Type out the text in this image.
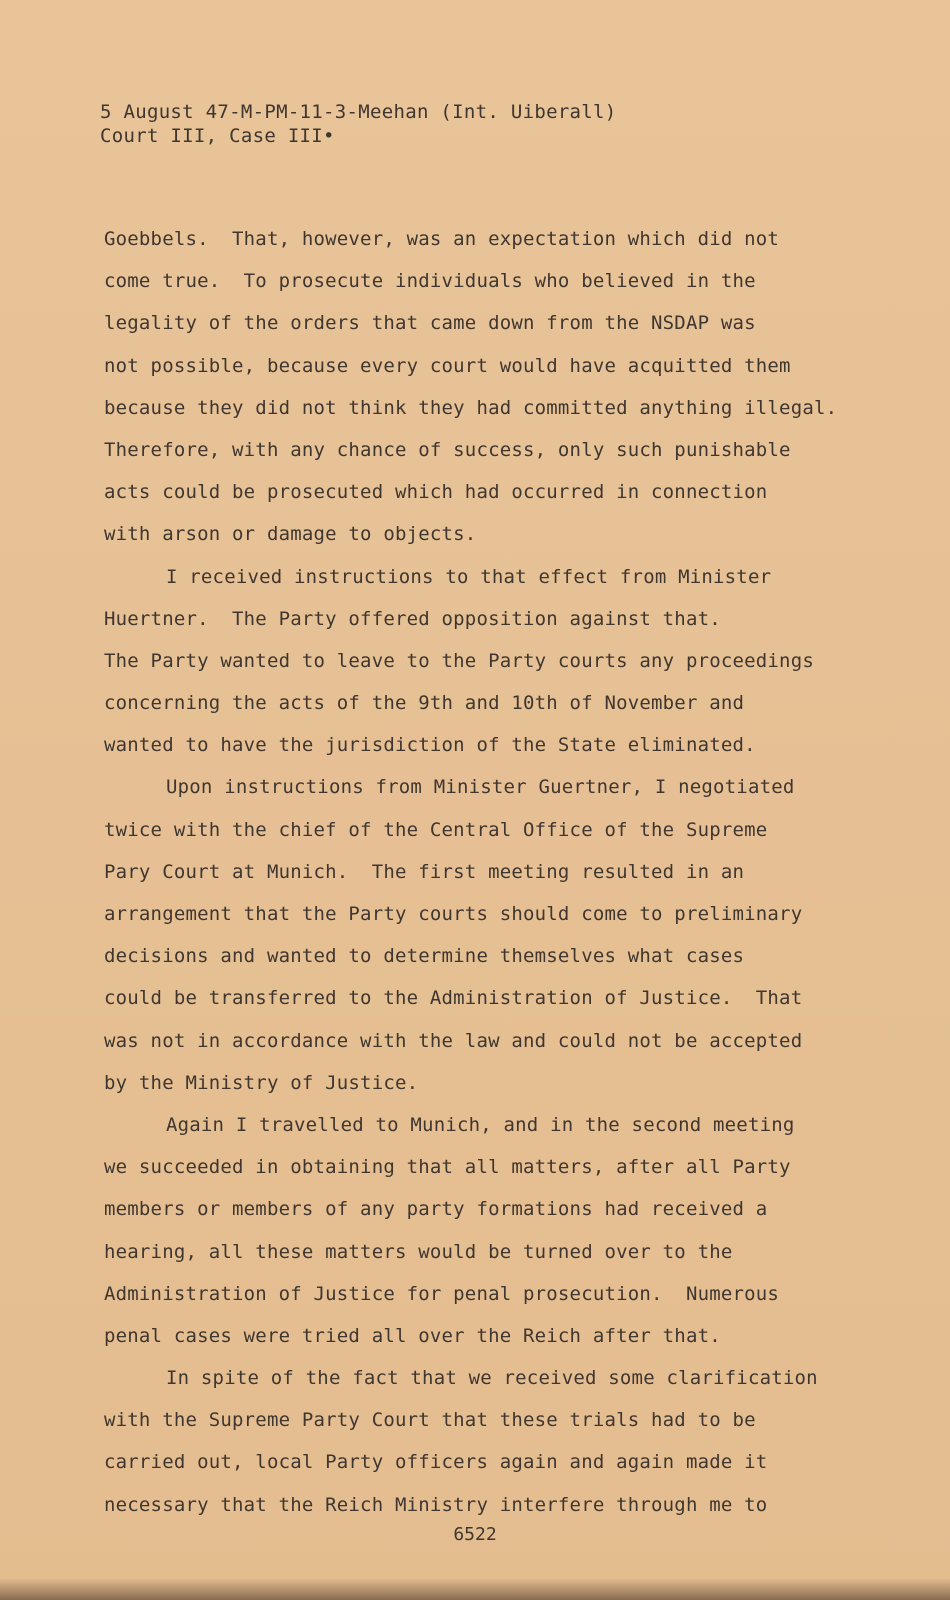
5 August 47-M-PM-11-3-Meehan (Int. Uiberall)
Court III, Case III•
Goebbels.  That, however, was an expectation which did not
come true.  To prosecute individuals who believed in the
legality of the orders that came down from the NSDAP was
not possible, because every court would have acquitted them
because they did not think they had committed anything illegal.
Therefore, with any chance of success, only such punishable
acts could be prosecuted which had occurred in connection
with arson or damage to objects.
I received instructions to that effect from Minister
Huertner.  The Party offered opposition against that.
The Party wanted to leave to the Party courts any proceedings
concerning the acts of the 9th and 10th of November and
wanted to have the jurisdiction of the State eliminated.
Upon instructions from Minister Guertner, I negotiated
twice with the chief of the Central Office of the Supreme
Pary Court at Munich.  The first meeting resulted in an
arrangement that the Party courts should come to preliminary
decisions and wanted to determine themselves what cases
could be transferred to the Administration of Justice.  That
was not in accordance with the law and could not be accepted
by the Ministry of Justice.
Again I travelled to Munich, and in the second meeting
we succeeded in obtaining that all matters, after all Party
members or members of any party formations had received a
hearing, all these matters would be turned over to the
Administration of Justice for penal prosecution.  Numerous
penal cases were tried all over the Reich after that.
In spite of the fact that we received some clarification
with the Supreme Party Court that these trials had to be
carried out, local Party officers again and again made it
necessary that the Reich Ministry interfere through me to
6522
